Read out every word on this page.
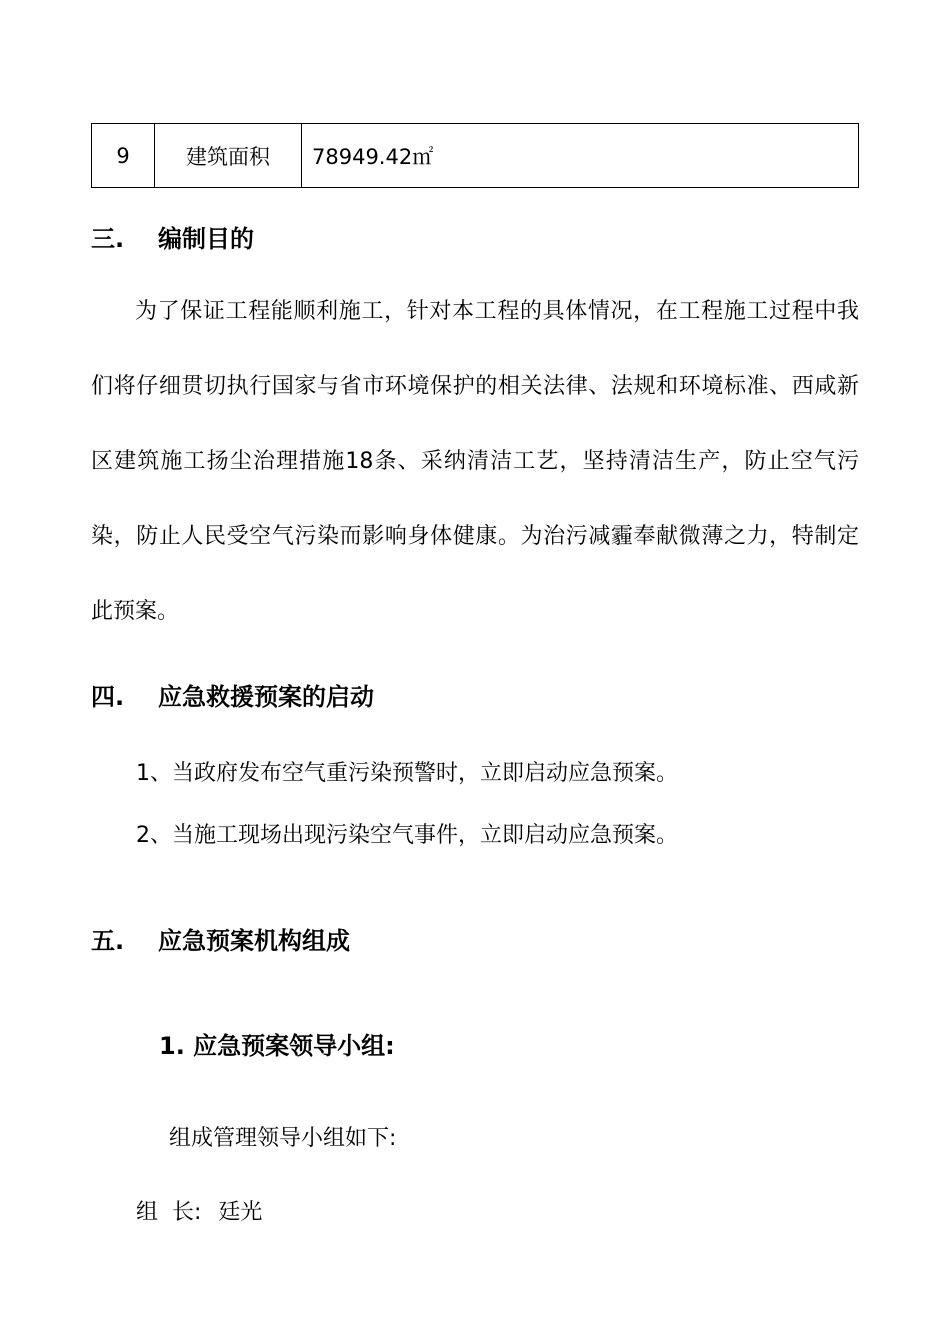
9	建筑面积	78949.42㎡
三. 编制目的

为了保证工程能顺利施工，针对本工程的具体情况，在工程施工过程中我们将仔细贯切执行国家与省市环境保护的相关法律、法规和环境标准、西咸新区建筑施工扬尘治理措施18条、采纳清洁工艺，坚持清洁生产，防止空气污染，防止人民受空气污染而影响身体健康。为治污减霾奉献微薄之力，特制定此预案。

四. 应急救援预案的启动

1、当政府发布空气重污染预警时，立即启动应急预案。

2、当施工现场出现污染空气事件，立即启动应急预案。

五. 应急预案机构组成
1. 应急预案领导小组:

组成管理领导小组如下:

组  长: 廷光
